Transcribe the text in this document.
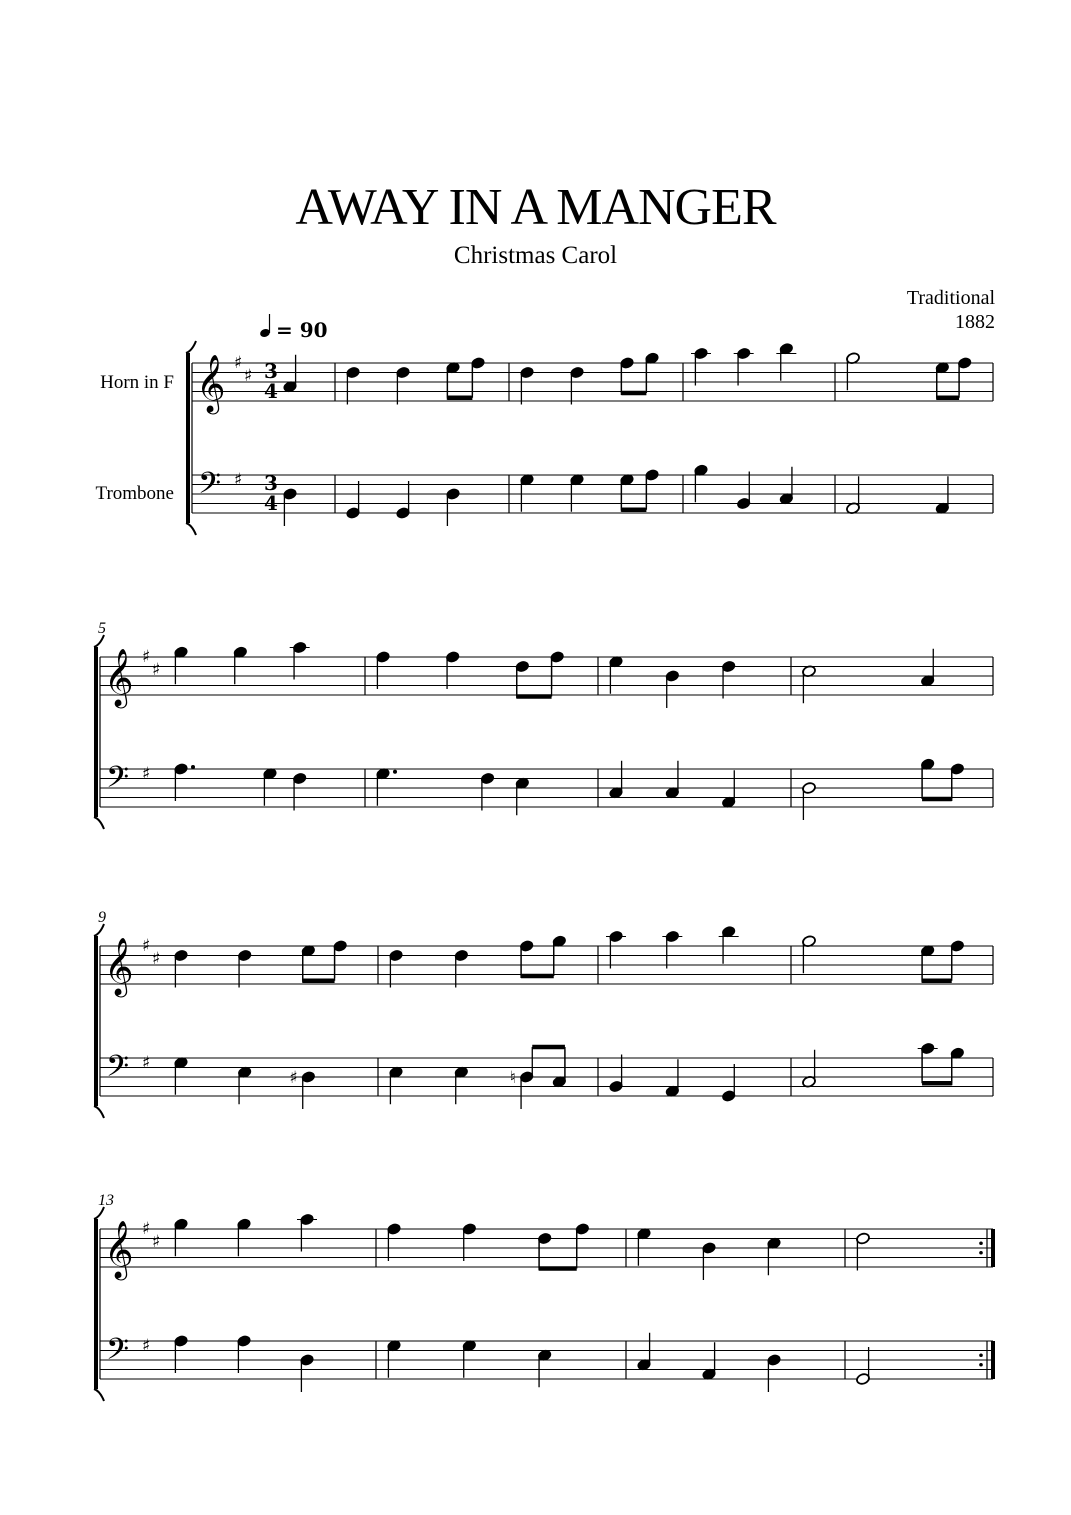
AWAY IN A MANGER
Christmas Carol
Traditional
1882
Horn in F
Trombone
𝄞
𝄢
♯
♯
♯
3
4
3
4
𝄞
𝄢
♯
♯
♯
5
𝄞
𝄢
♯
♯
♯
9
♯	♮
𝄞
𝄢
♯
♯
♯
13
= 90
